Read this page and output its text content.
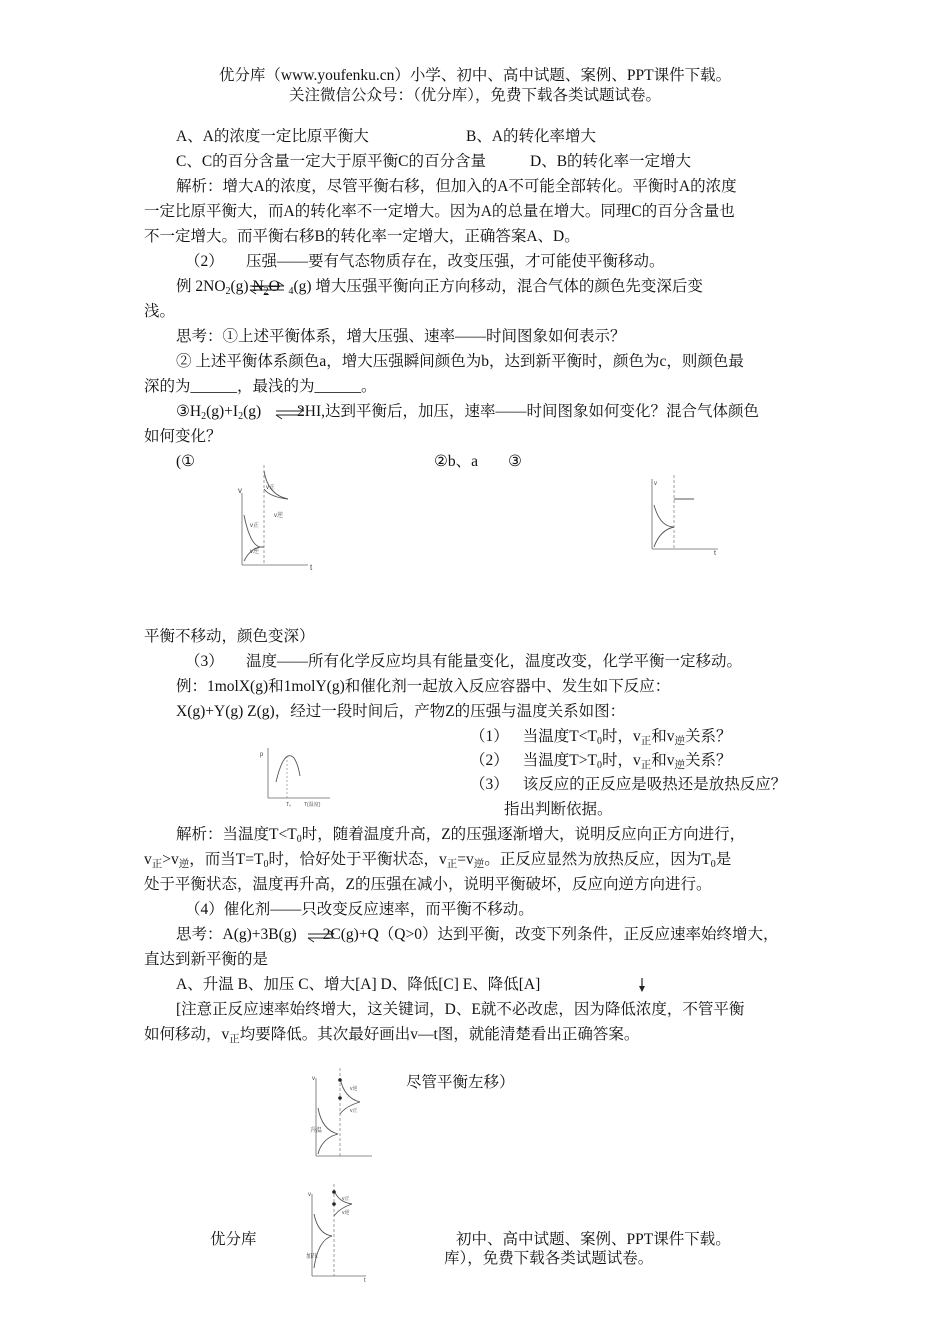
优分库（www.youfenku.cn）小学、初中、高中试题、案例、PPT课件下载。
关注微信公众号：（优分库），免费下载各类试题试卷。
A、A的浓度一定比原平衡大	B、A的转化率增大
C、C的百分含量一定大于原平衡C的百分含量	D、B的转化率一定增大
解析：增大A的浓度，尽管平衡右移，但加入的A不可能全部转化。平衡时A的浓度
一定比原平衡大，而A的转化率不一定增大。因为A的总量在增大。同理C的百分含量也
不一定增大。而平衡右移B的转化率一定增大，正确答案A、D。
（2） 压强——要有气态物质存在，改变压强，才可能使平衡移动。
例 $2NO_2(g)$ $N_2O$ $_4$(g) 增大压强平衡向正方向移动，混合气体的颜色先变深后变
浅。
思考：①上述平衡体系，增大压强、速率——时间图象如何表示？
② 上述平衡体系颜色a，增大压强瞬间颜色为b，达到新平衡时，颜色为c，则颜色最
深的为______，最浅的为______。
$③H_2(g)+I_2(g)$ 2HI,达到平衡后，加压，速率——时间图象如何变化？混合气体颜色
如何变化？
(①	②b、a ③
v
t
v正
v逆
v正
v逆
v
t
平衡不移动，颜色变深）
（3） 温度——所有化学反应均具有能量变化，温度改变，化学平衡一定移动。
例：1molX(g)和1molY(g)和催化剂一起放入反应容器中、发生如下反应：
X(g)+Y(g) Z(g)，经过一段时间后，产物Z的压强与温度关系如图：
（1） 当温度$T<T_0$时，$v_正$和$v_逆$关系？
（2） 当温度$T>T_0$时，$v_正$和$v_逆$关系？
（3） 该反应的正反应是吸热还是放热反应？
指出判断依据。
p
T₀	T(温度)
解析：当温度$T<T_0$时，随着温度升高，Z的压强逐渐增大，说明反应向正方向进行，
$v_正>v_逆$，而当$T=T_0$时，恰好处于平衡状态，$v_正=v_逆$。正反应显然为放热反应，因为$T_0$是
处于平衡状态，温度再升高，Z的压强在减小，说明平衡破坏，反应向逆方向进行。
（4）催化剂——只改变反应速率，而平衡不移动。
思考：A(g)+3B(g) 2C(g)+Q（Q>0）达到平衡，改变下列条件，正反应速率始终增大，
直达到新平衡的是
A、升温 B、加压 C、增大[A] D、降低[C] E、降低[A]
[注意正反应速率始终增大，这关键词，D、E就不必改虑，因为降低浓度，不管平衡
如何移动，$v_正$均要降低。其次最好画出v—t图，就能清楚看出正确答案。
尽管平衡左移）
v
v逆
v正
升温
v
t
v正
v逆
加压
优分库	初中、高中试题、案例、PPT课件下载。
库），免费下载各类试题试卷。
